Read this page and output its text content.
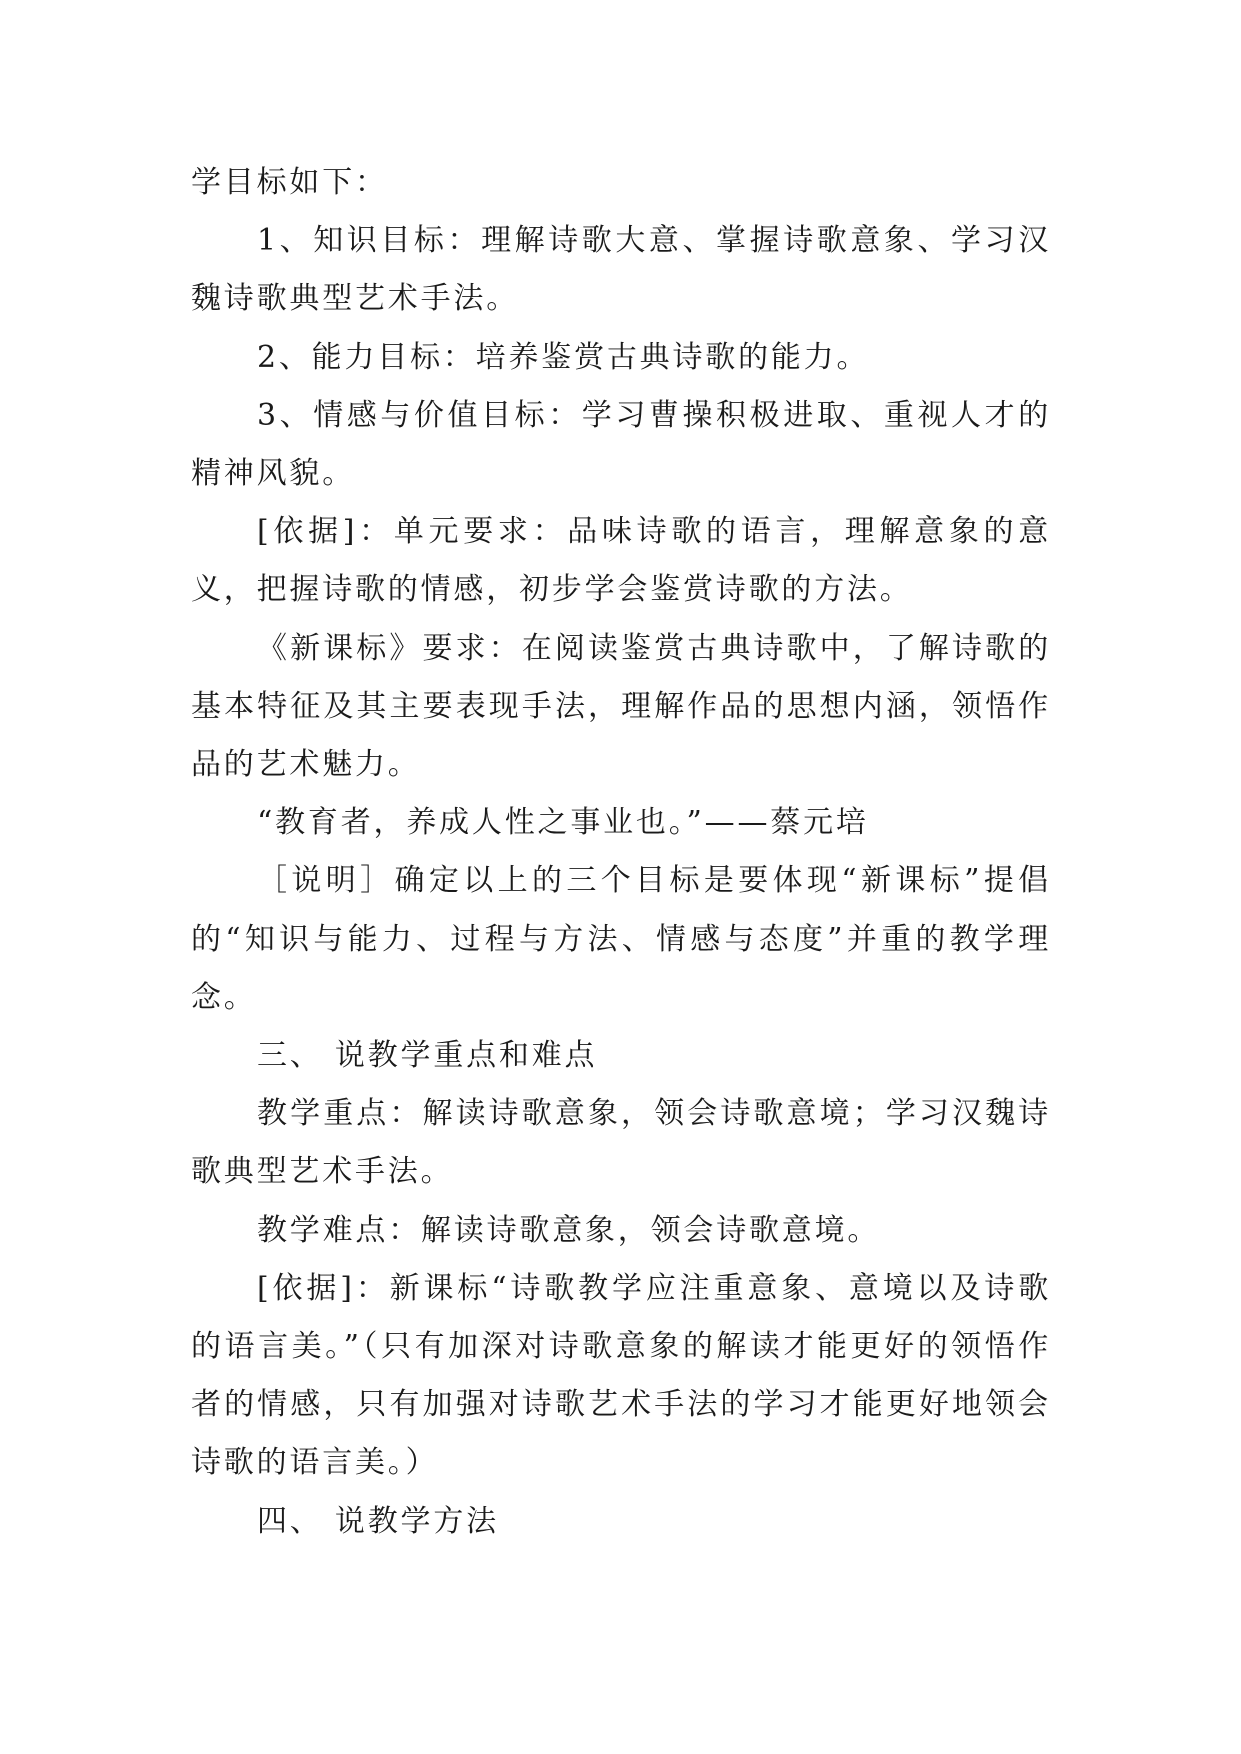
学目标如下：

1、知识目标：理解诗歌大意、掌握诗歌意象、学习汉魏诗歌典型艺术手法。

2、能力目标：培养鉴赏古典诗歌的能力。

3、情感与价值目标：学习曹操积极进取、重视人才的精神风貌。

[依据]：单元要求：品味诗歌的语言，理解意象的意义，把握诗歌的情感，初步学会鉴赏诗歌的方法。

《新课标》要求：在阅读鉴赏古典诗歌中，了解诗歌的基本特征及其主要表现手法，理解作品的思想内涵，领悟作品的艺术魅力。

“教育者，养成人性之事业也。”——蔡元培

［说明］确定以上的三个目标是要体现“新课标”提倡的“知识与能力、过程与方法、情感与态度”并重的教学理念。

三、 说教学重点和难点

教学重点：解读诗歌意象，领会诗歌意境；学习汉魏诗歌典型艺术手法。

教学难点：解读诗歌意象，领会诗歌意境。

[依据]：新课标“诗歌教学应注重意象、意境以及诗歌的语言美。”（只有加深对诗歌意象的解读才能更好的领悟作者的情感，只有加强对诗歌艺术手法的学习才能更好地领会诗歌的语言美。）

四、 说教学方法
